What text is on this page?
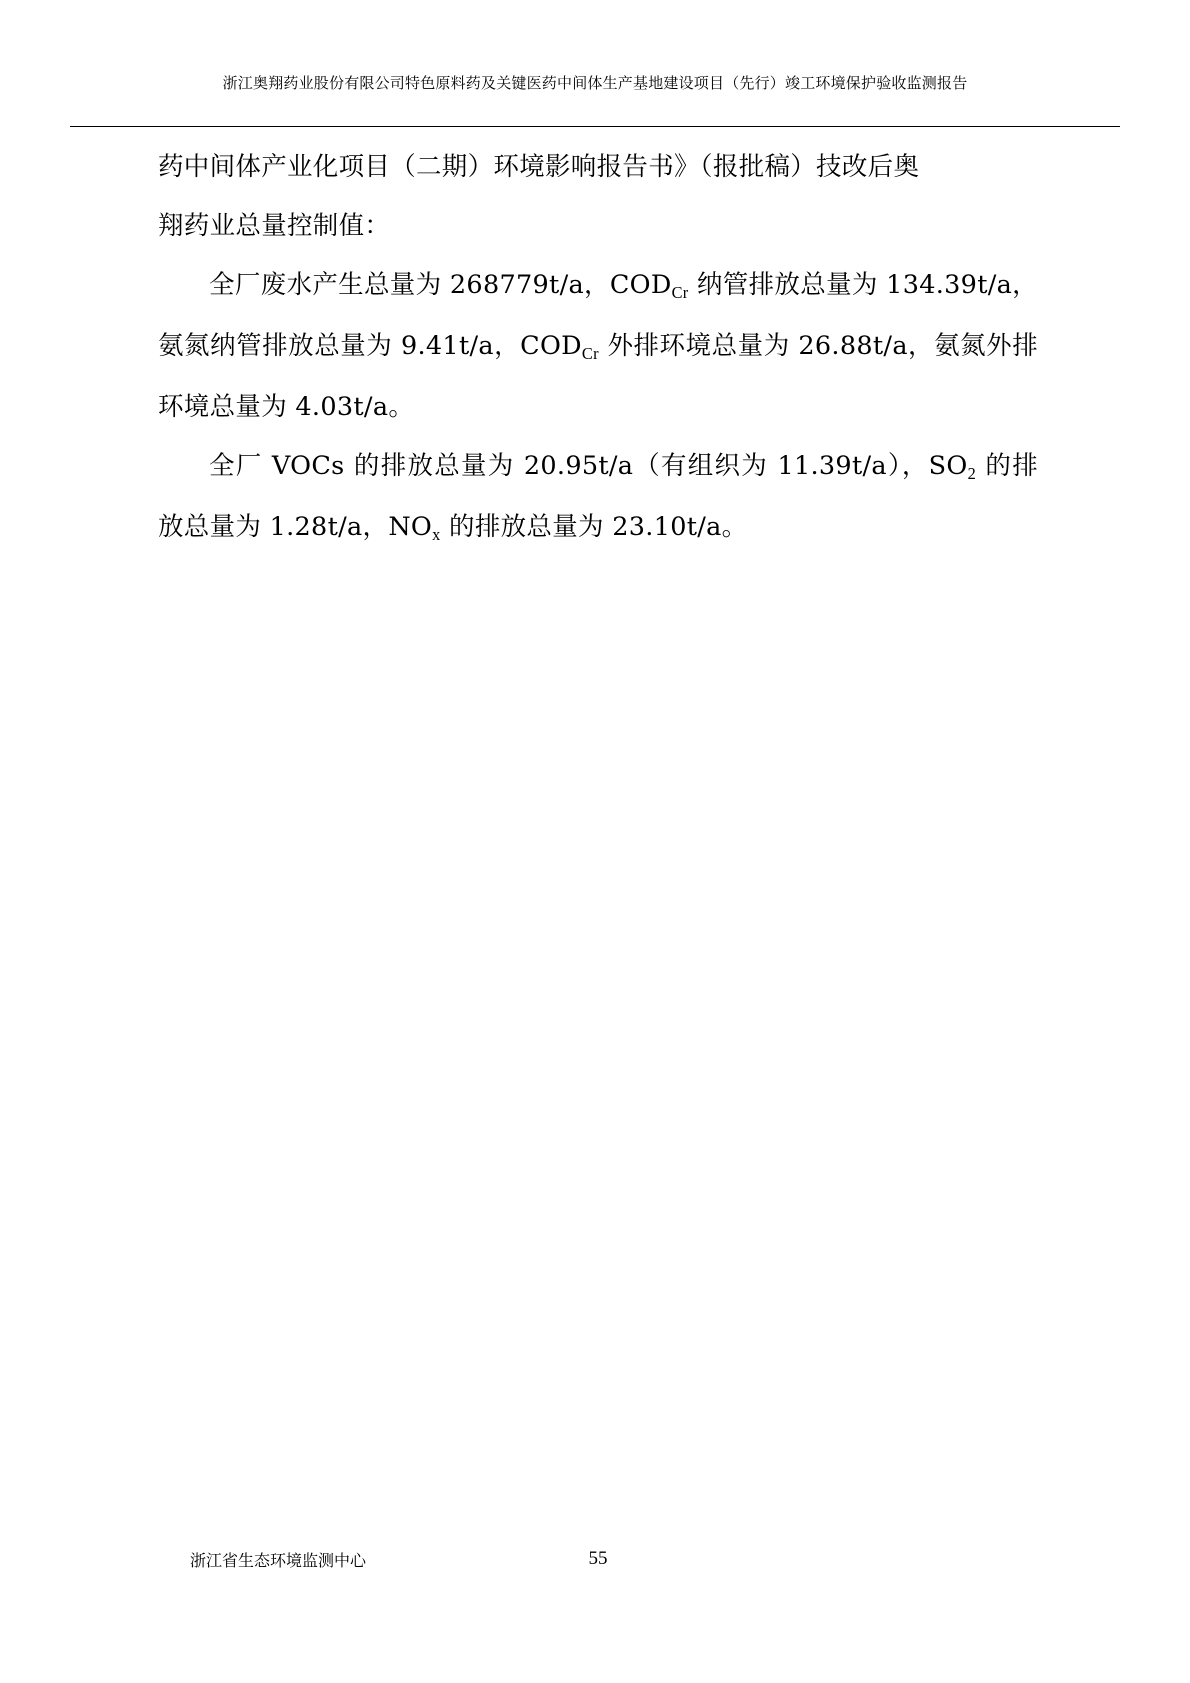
浙江奥翔药业股份有限公司特色原料药及关键医药中间体生产基地建设项目（先行）竣工环境保护验收监测报告

药中间体产业化项目（二期）环境影响报告书》（报批稿）技改后奥
翔药业总量控制值：

全厂废水产生总量为 268779t/a，$COD_{Cr}$ 纳管排放总量为 134.39t/a，氨氮纳管排放总量为 9.41t/a，$COD_{Cr}$ 外排环境总量为 26.88t/a，氨氮外排环境总量为 4.03t/a。

全厂 VOCs 的排放总量为 20.95t/a（有组织为 11.39t/a），$SO_2$ 的排放总量为 1.28t/a，$NO_x$ 的排放总量为 23.10t/a。

浙江省生态环境监测中心	55
